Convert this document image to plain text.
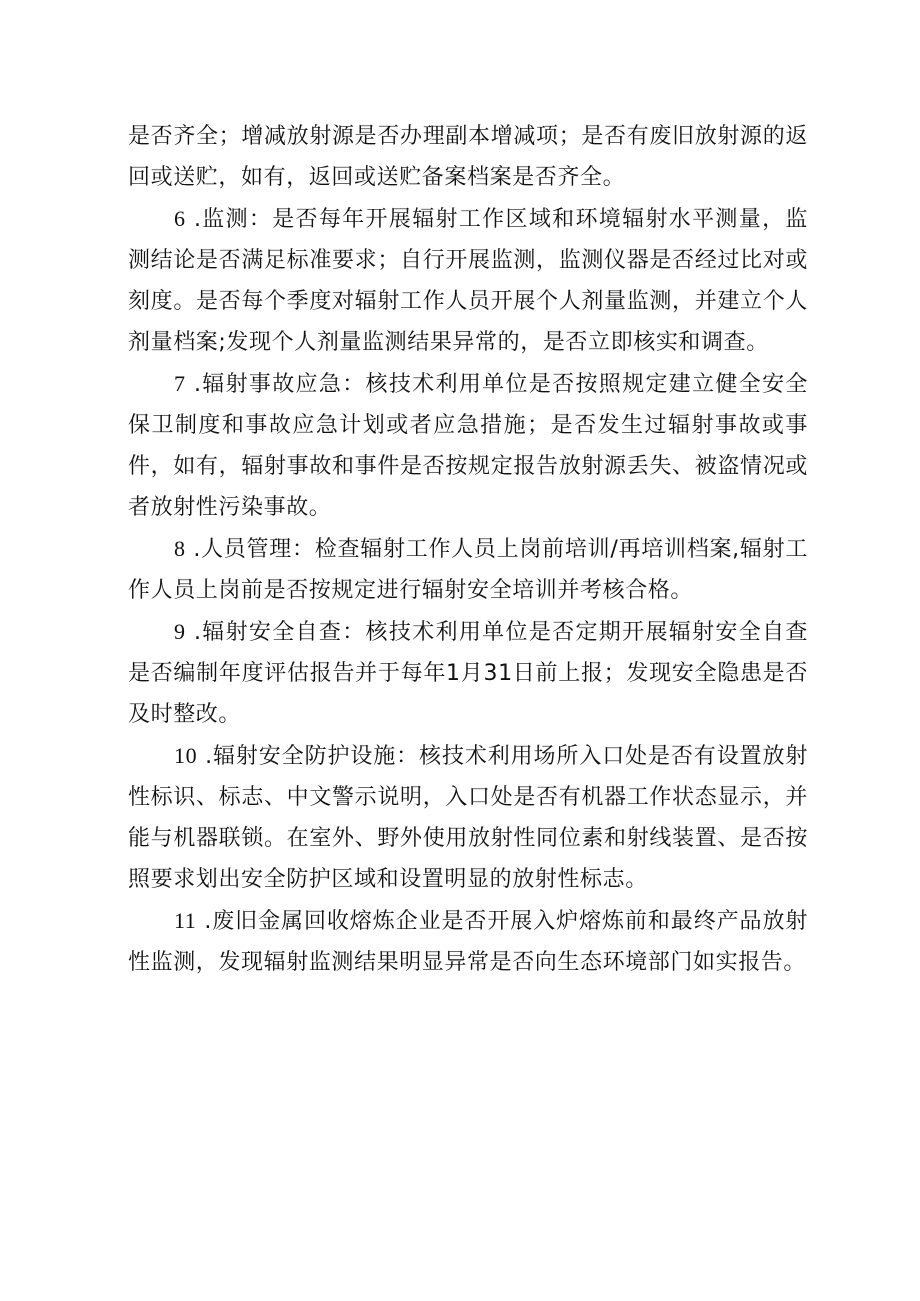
是否齐全；增减放射源是否办理副本增减项；是否有废旧放射源的返回或送贮，如有，返回或送贮备案档案是否齐全。

6 .监测：是否每年开展辐射工作区域和环境辐射水平测量，监测结论是否满足标准要求；自行开展监测，监测仪器是否经过比对或刻度。是否每个季度对辐射工作人员开展个人剂量监测，并建立个人剂量档案;发现个人剂量监测结果异常的，是否立即核实和调查。

7 .辐射事故应急：核技术利用单位是否按照规定建立健全安全保卫制度和事故应急计划或者应急措施；是否发生过辐射事故或事件，如有，辐射事故和事件是否按规定报告放射源丢失、被盗情况或者放射性污染事故。

8 .人员管理：检查辐射工作人员上岗前培训/再培训档案,辐射工作人员上岗前是否按规定进行辐射安全培训并考核合格。

9 .辐射安全自查：核技术利用单位是否定期开展辐射安全自查是否编制年度评估报告并于每年1月31日前上报；发现安全隐患是否及时整改。

10 .辐射安全防护设施：核技术利用场所入口处是否有设置放射性标识、标志、中文警示说明，入口处是否有机器工作状态显示，并能与机器联锁。在室外、野外使用放射性同位素和射线装置、是否按照要求划出安全防护区域和设置明显的放射性标志。

11 .废旧金属回收熔炼企业是否开展入炉熔炼前和最终产品放射性监测，发现辐射监测结果明显异常是否向生态环境部门如实报告。
